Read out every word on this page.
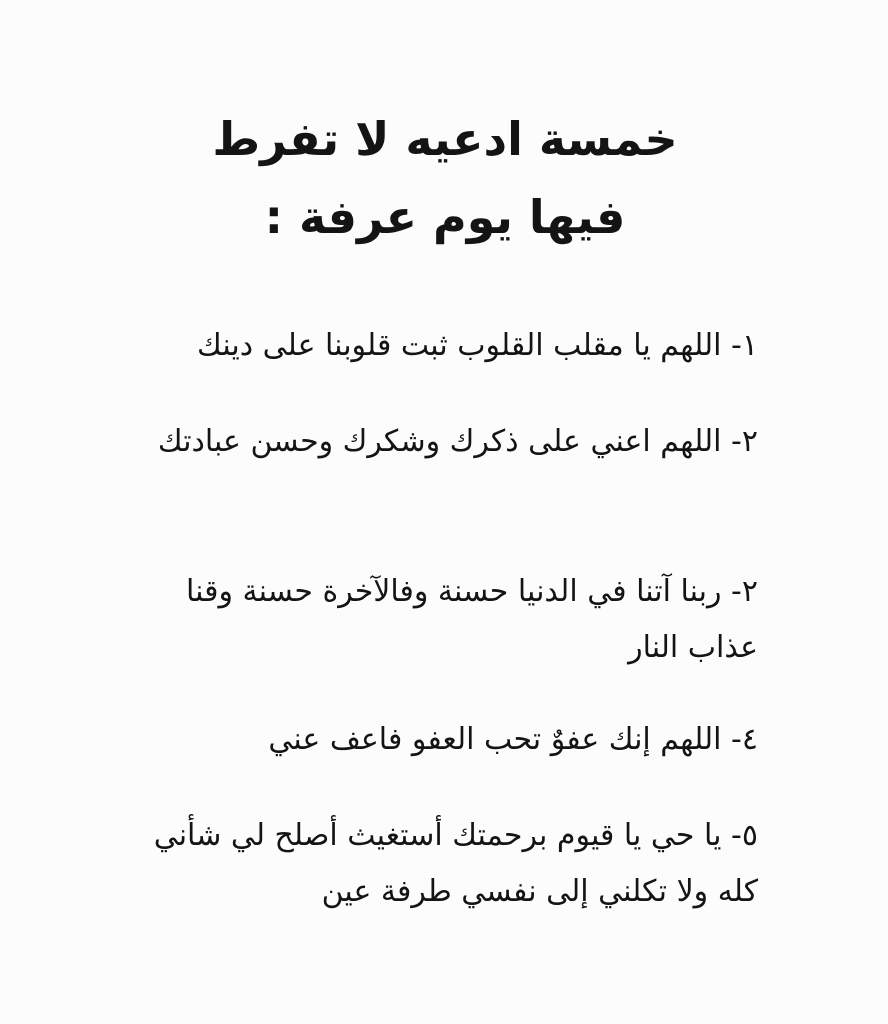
خمسة ادعيه لا تفرط
فيها يوم عرفة :

١- اللهم يا مقلب القلوب ثبت قلوبنا على دينك

٢- اللهم اعني على ذكرك وشكرك وحسن عبادتك

٢- ربنا آتنا في الدنيا حسنة وفالآخرة حسنة وقنا عذاب النار

٤- اللهم إنك عفوٌ تحب العفو فاعف عني

٥- يا حي يا قيوم برحمتك أستغيث أصلح لي شأني كله ولا تكلني إلى نفسي طرفة عين
